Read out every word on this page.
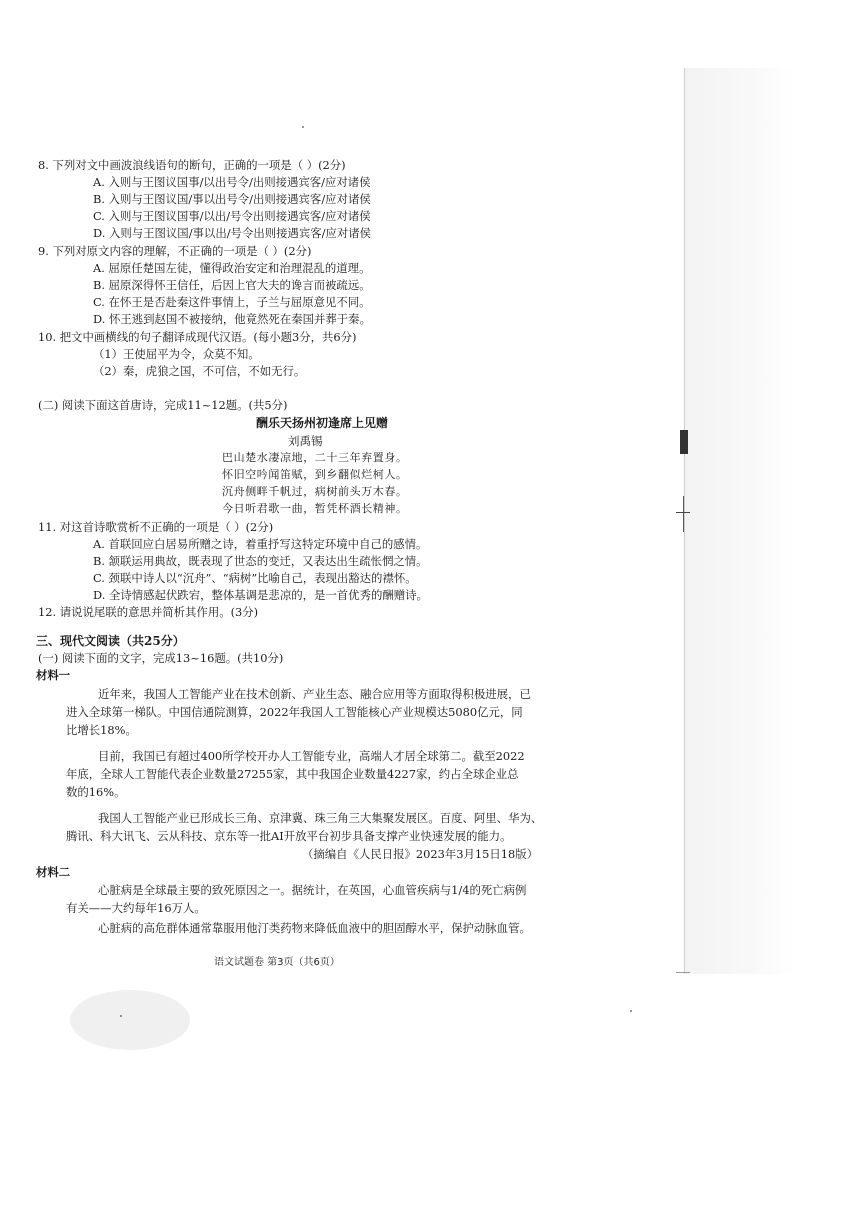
8. 下列对文中画波浪线语句的断句，正确的一项是（ ）(2分)
A. 入则与王图议国事/以出号令/出则接遇宾客/应对诸侯
B. 入则与王图议国/事以出号令/出则接遇宾客/应对诸侯
C. 入则与王图议国事/以出/号令出则接遇宾客/应对诸侯
D. 入则与王图议国/事以出/号令出则接遇宾客/应对诸侯
9. 下列对原文内容的理解，不正确的一项是（ ）(2分)
A. 屈原任楚国左徒，懂得政治安定和治理混乱的道理。
B. 屈原深得怀王信任，后因上官大夫的谗言而被疏远。
C. 在怀王是否赴秦这件事情上，子兰与屈原意见不同。
D. 怀王逃到赵国不被接纳，他竟然死在秦国并葬于秦。
10. 把文中画横线的句子翻译成现代汉语。(每小题3分，共6分)
（1）王使屈平为令，众莫不知。
（2）秦，虎狼之国，不可信，不如无行。
(二) 阅读下面这首唐诗，完成11~12题。(共5分)
酬乐天扬州初逢席上见赠
刘禹锡
巴山楚水凄凉地，二十三年弃置身。
怀旧空吟闻笛赋，到乡翻似烂柯人。
沉舟侧畔千帆过，病树前头万木春。
今日听君歌一曲，暂凭杯酒长精神。
11. 对这首诗歌赏析不正确的一项是（ ）(2分)
A. 首联回应白居易所赠之诗，着重抒写这特定环境中自己的感情。
B. 颔联运用典故，既表现了世态的变迁，又表达出生疏怅惘之情。
C. 颈联中诗人以“沉舟”、“病树”比喻自己，表现出豁达的襟怀。
D. 全诗情感起伏跌宕，整体基调是悲凉的，是一首优秀的酬赠诗。
12. 请说说尾联的意思并简析其作用。(3分)
三、现代文阅读（共25分）
(一) 阅读下面的文字，完成13~16题。(共10分)
材料一
近年来，我国人工智能产业在技术创新、产业生态、融合应用等方面取得积极进展，已
进入全球第一梯队。中国信通院测算，2022年我国人工智能核心产业规模达5080亿元，同
比增长18%。
目前，我国已有超过400所学校开办人工智能专业，高端人才居全球第二。截至2022
年底，全球人工智能代表企业数量27255家，其中我国企业数量4227家，约占全球企业总
数的16%。
我国人工智能产业已形成长三角、京津冀、珠三角三大集聚发展区。百度、阿里、华为、
腾讯、科大讯飞、云从科技、京东等一批AI开放平台初步具备支撑产业快速发展的能力。
（摘编自《人民日报》2023年3月15日18版）
材料二
心脏病是全球最主要的致死原因之一。据统计，在英国，心血管疾病与1/4的死亡病例
有关——大约每年16万人。
心脏病的高危群体通常靠服用他汀类药物来降低血液中的胆固醇水平，保护动脉血管。
语文试题卷 第3页（共6页）
